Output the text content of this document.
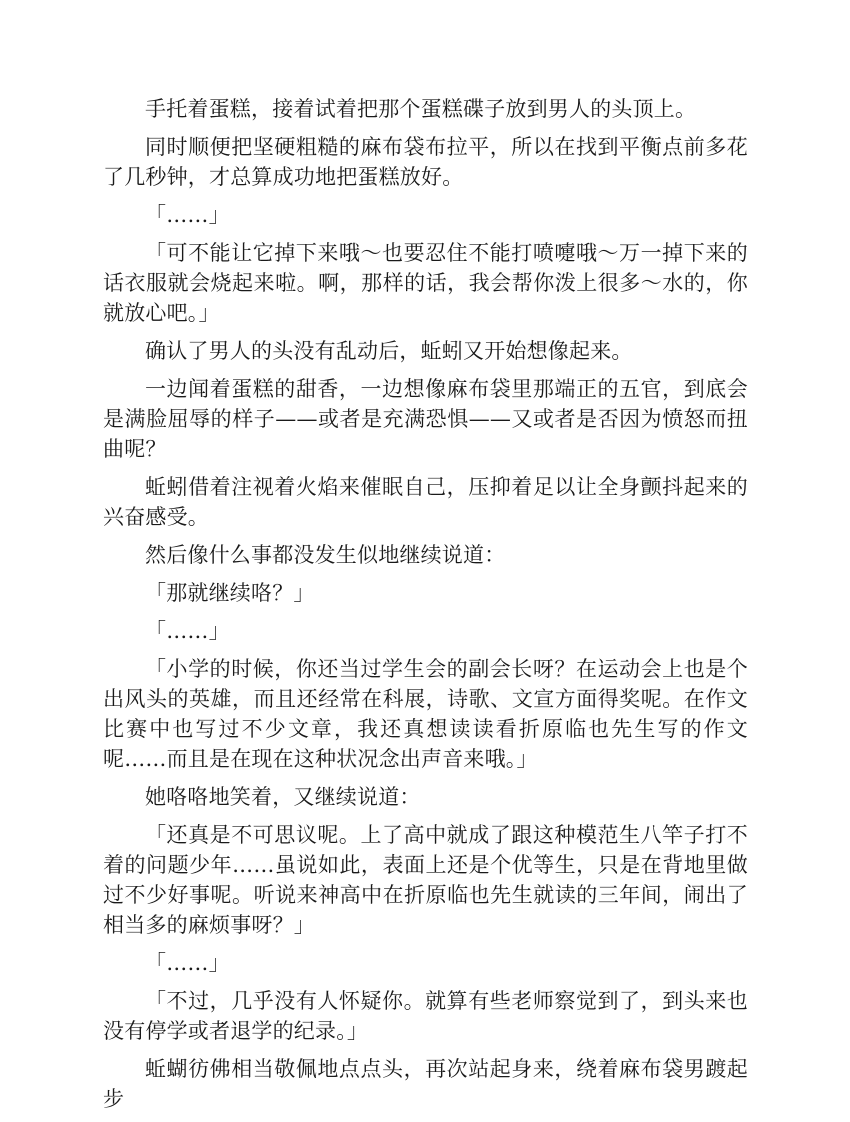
手托着蛋糕，接着试着把那个蛋糕碟子放到男人的头顶上。

同时顺便把坚硬粗糙的麻布袋布拉平，所以在找到平衡点前多花了几秒钟，才总算成功地把蛋糕放好。

「……」

「可不能让它掉下来哦～也要忍住不能打喷嚏哦～万一掉下来的话衣服就会烧起来啦。啊，那样的话，我会帮你泼上很多～水的，你就放心吧。」

确认了男人的头没有乱动后，蚯蚓又开始想像起来。

一边闻着蛋糕的甜香，一边想像麻布袋里那端正的五官，到底会是满脸屈辱的样子——或者是充满恐惧——又或者是否因为愤怒而扭曲呢？

蚯蚓借着注视着火焰来催眠自己，压抑着足以让全身颤抖起来的兴奋感受。

然后像什么事都没发生似地继续说道：

「那就继续咯？」

「……」

「小学的时候，你还当过学生会的副会长呀？在运动会上也是个出风头的英雄，而且还经常在科展，诗歌、文宣方面得奖呢。在作文比赛中也写过不少文章，我还真想读读看折原临也先生写的作文呢……而且是在现在这种状况念出声音来哦。」

她咯咯地笑着，又继续说道：

「还真是不可思议呢。上了高中就成了跟这种模范生八竿子打不着的问题少年……虽说如此，表面上还是个优等生，只是在背地里做过不少好事呢。听说来神高中在折原临也先生就读的三年间，闹出了相当多的麻烦事呀？」

「……」

「不过，几乎没有人怀疑你。就算有些老师察觉到了，到头来也没有停学或者退学的纪录。」

蚯蝴彷佛相当敬佩地点点头，再次站起身来，绕着麻布袋男踱起步
